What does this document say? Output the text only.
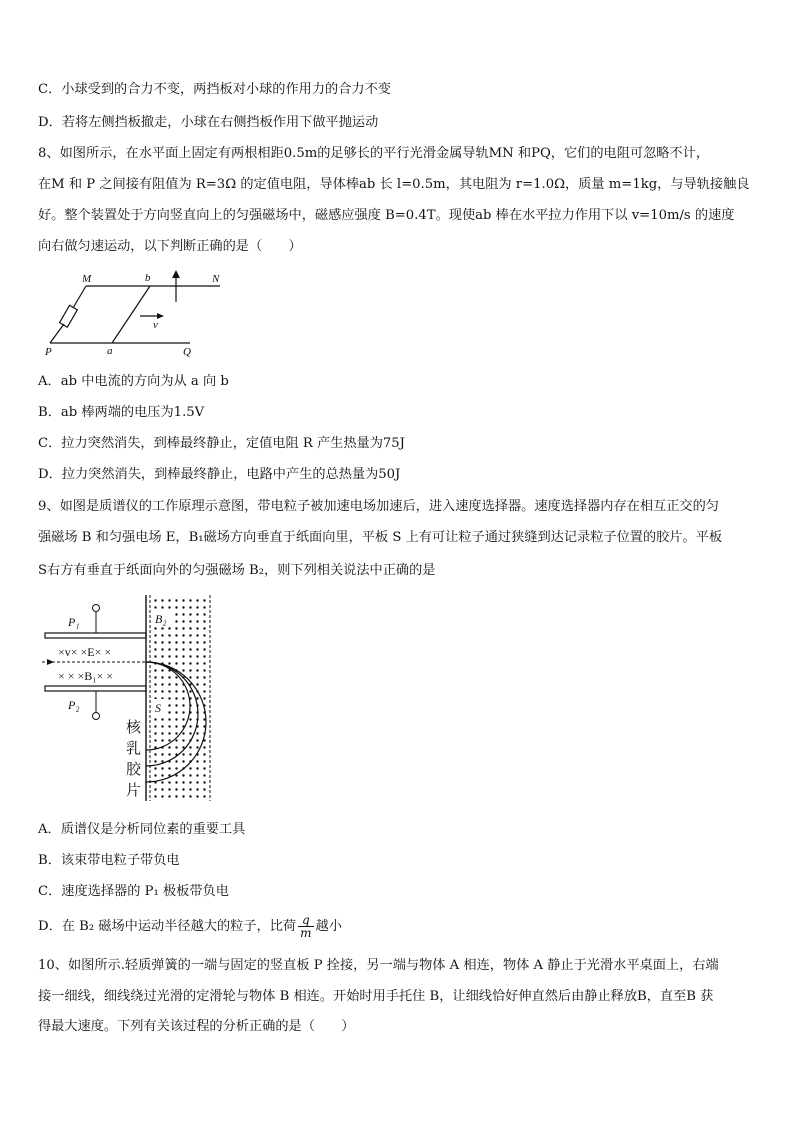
C．小球受到的合力不变，两挡板对小球的作用力的合力不变
D．若将左侧挡板撤走，小球在右侧挡板作用下做平抛运动
8、如图所示，在水平面上固定有两根相距0.5m的足够长的平行光滑金属导轨MN 和PQ，它们的电阻可忽略不计，
在M 和 P 之间接有阻值为 R=3Ω 的定值电阻，导体棒ab 长 l=0.5m，其电阻为 r=1.0Ω，质量 m=1kg，与导轨接触良
好。整个装置处于方向竖直向上的匀强磁场中，磁感应强度 B=0.4T。现使ab 棒在水平拉力作用下以 v=10m/s 的速度
向右做匀速运动，以下判断正确的是（　　）
M	b	N
v
P	a	Q
A．ab 中电流的方向为从 a 向 b
B．ab 棒两端的电压为1.5V
C．拉力突然消失，到棒最终静止，定值电阻 R 产生热量为75J
D．拉力突然消失，到棒最终静止，电路中产生的总热量为50J
9、如图是质谱仪的工作原理示意图，带电粒子被加速电场加速后，进入速度选择器。速度选择器内存在相互正交的匀
强磁场 B 和匀强电场 E，B₁磁场方向垂直于纸面向里，平板 S 上有可让粒子通过狭缝到达记录粒子位置的胶片。平板
S右方有垂直于纸面向外的匀强磁场 B₂，则下列相关说法中正确的是
P₁	B₂
×v× ×E× ×
× × ×B₁× ×
P₂	S
核
乳
胶
片
A．质谱仪是分析同位素的重要工具
B．该束带电粒子带负电
C．速度选择器的 P₁ 极板带负电
D．在 B₂ 磁场中运动半径越大的粒子，比荷 $\frac{q}{m}$ 越小
10、如图所示.轻质弹簧的一端与固定的竖直板 P 拴接，另一端与物体 A 相连，物体 A 静止于光滑水平桌面上，右端
接一细线，细线绕过光滑的定滑轮与物体 B 相连。开始时用手托住 B，让细线恰好伸直然后由静止释放B，直至B 获
得最大速度。下列有关该过程的分析正确的是（　　）
